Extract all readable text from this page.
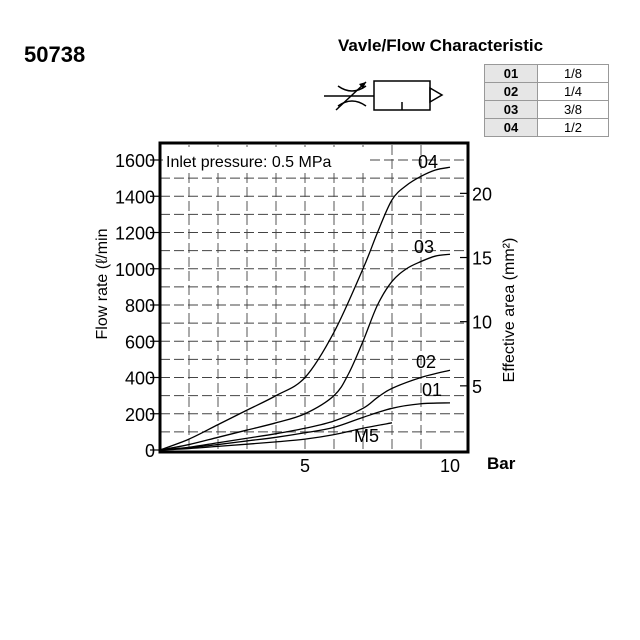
50738	Vavle/Flow Characteristic
01	1/8
02	1/4
03	3/8
04	1/2
Inlet pressure: 0.5 MPa
0
200
400
600
800
1000
1200
1400
1600
5	10
5
10
15
20
04
03
02
01
M5
Bar
Flow rate (ℓ/min	Effective area (mm²)
